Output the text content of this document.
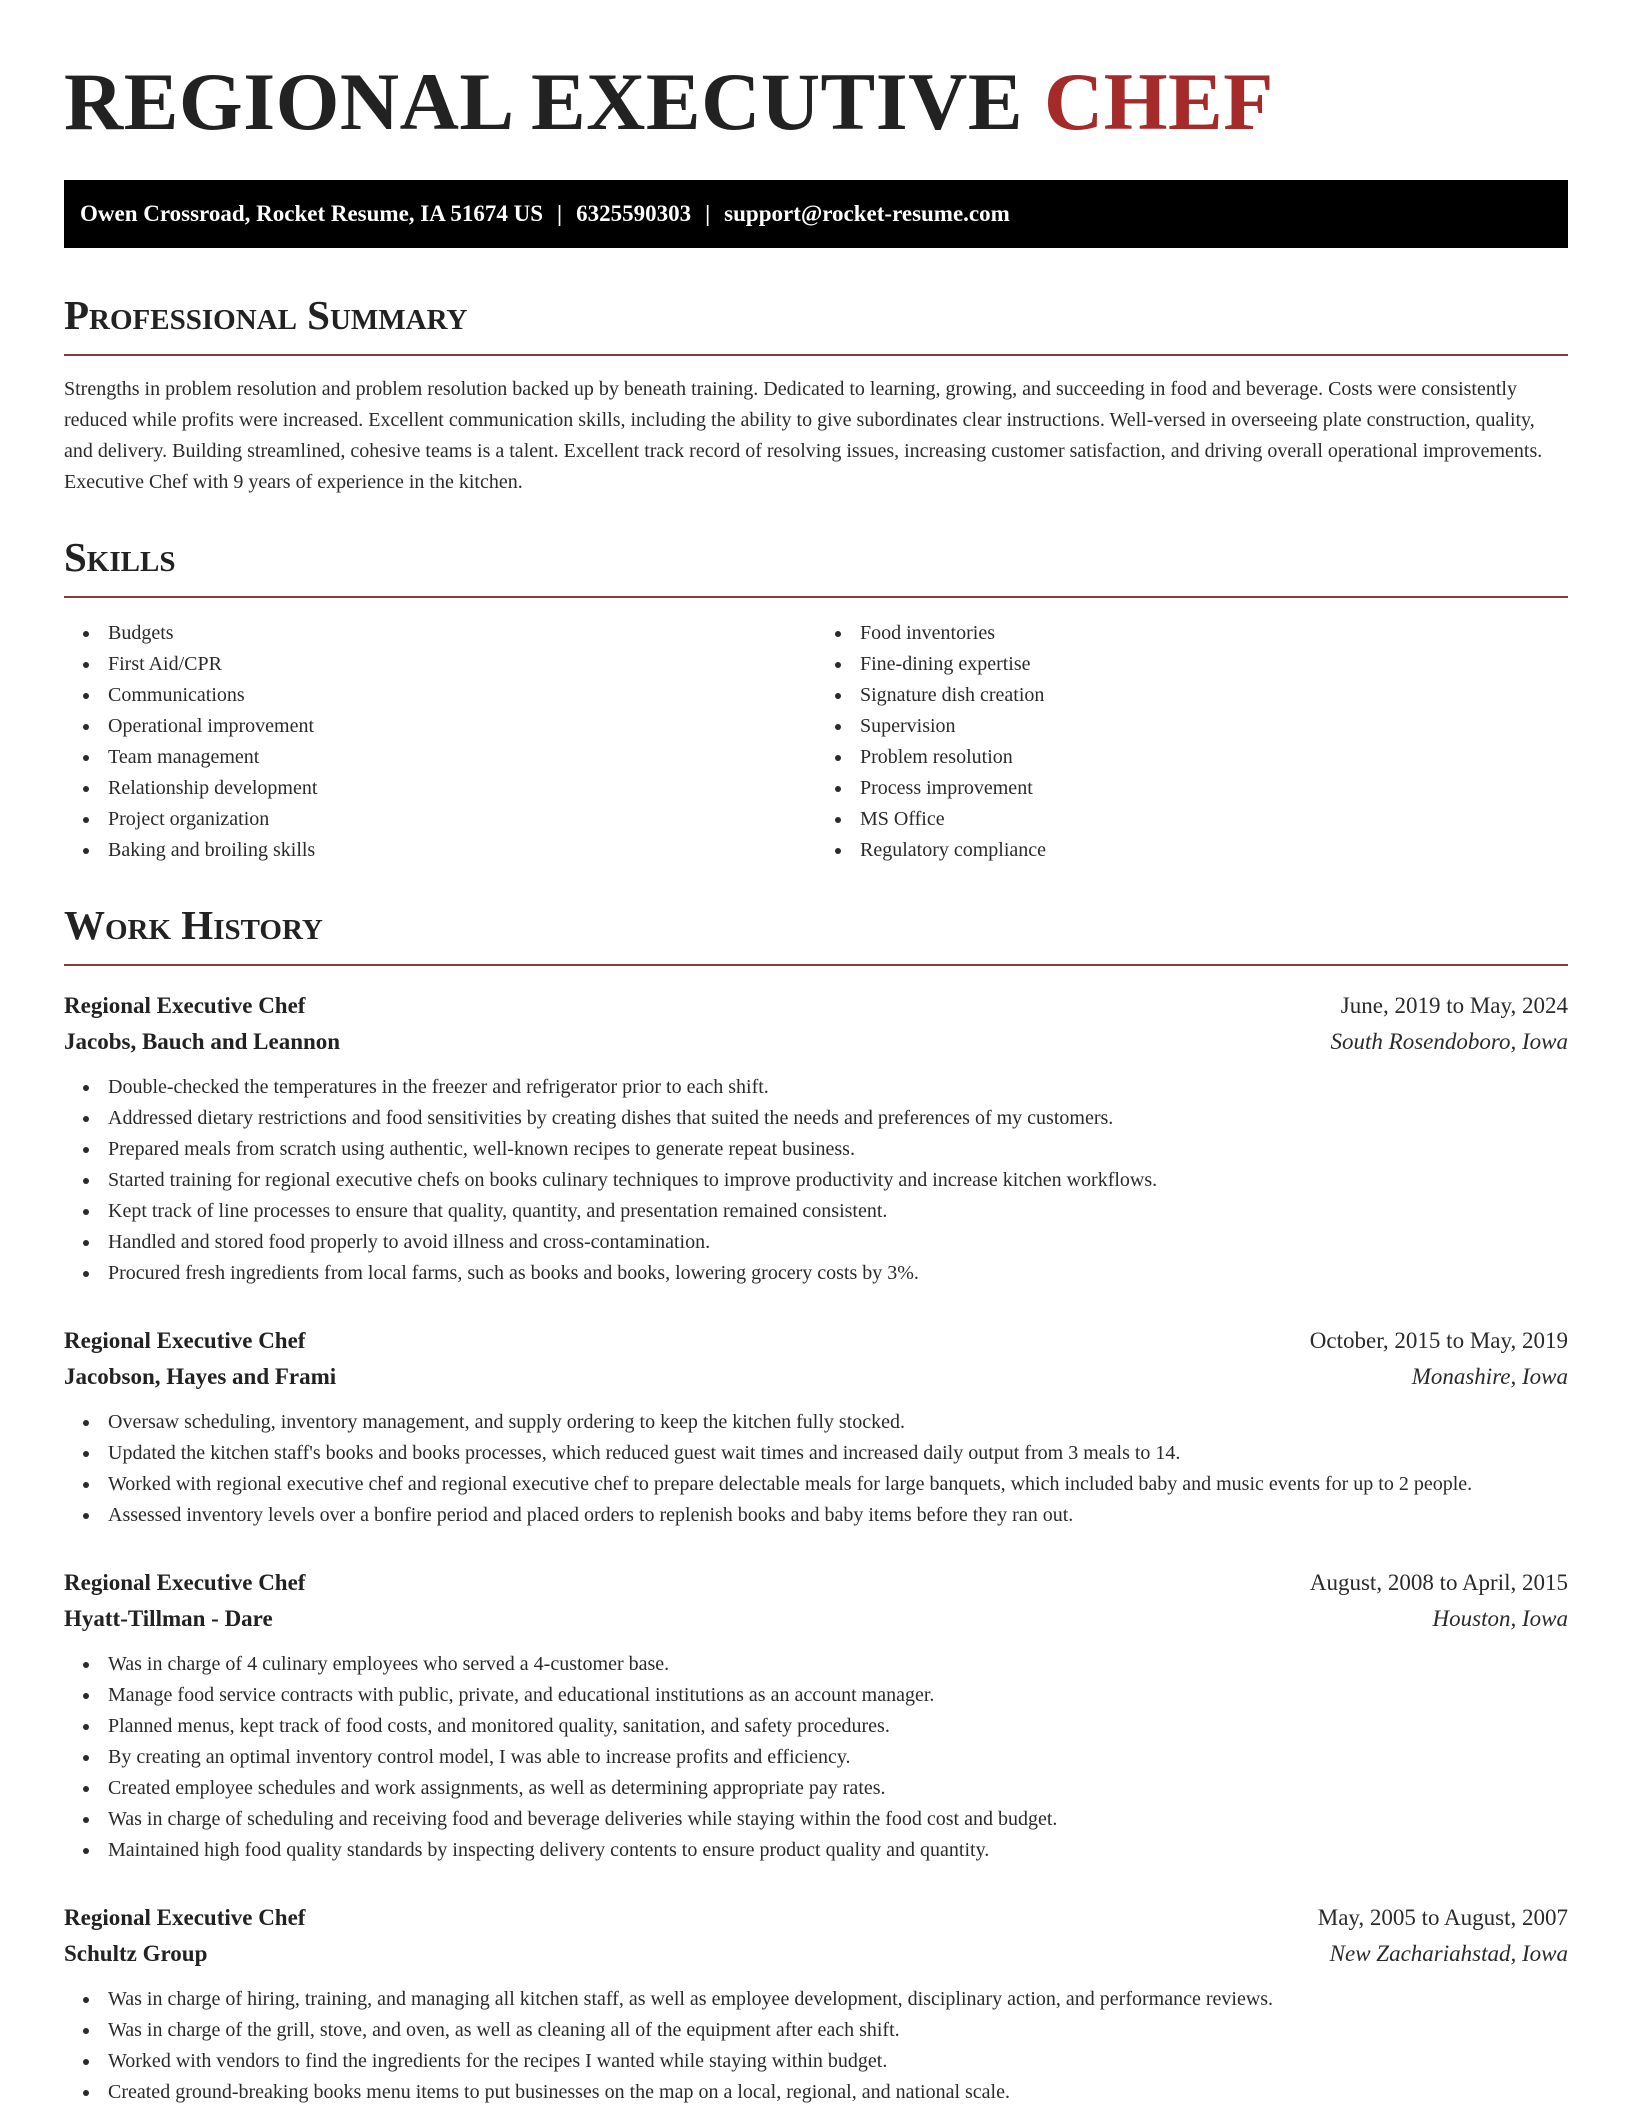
REGIONAL EXECUTIVE CHEF
Owen Crossroad, Rocket Resume, IA 51674 US | 6325590303 | support@rocket-resume.com
Professional Summary

Strengths in problem resolution and problem resolution backed up by beneath training. Dedicated to learning, growing, and succeeding in food and beverage. Costs were consistently reduced while profits were increased. Excellent communication skills, including the ability to give subordinates clear instructions. Well-versed in overseeing plate construction, quality, and delivery. Building streamlined, cohesive teams is a talent. Excellent track record of resolving issues, increasing customer satisfaction, and driving overall operational improvements. Executive Chef with 9 years of experience in the kitchen.

Skills
Budgets
First Aid/CPR
Communications
Operational improvement
Team management
Relationship development
Project organization
Baking and broiling skills
Food inventories
Fine-dining expertise
Signature dish creation
Supervision
Problem resolution
Process improvement
MS Office
Regulatory compliance
Work History
Regional Executive Chef	June, 2019 to May, 2024
Jacobs, Bauch and Leannon	South Rosendoboro, Iowa
Double-checked the temperatures in the freezer and refrigerator prior to each shift.
Addressed dietary restrictions and food sensitivities by creating dishes that suited the needs and preferences of my customers.
Prepared meals from scratch using authentic, well-known recipes to generate repeat business.
Started training for regional executive chefs on books culinary techniques to improve productivity and increase kitchen workflows.
Kept track of line processes to ensure that quality, quantity, and presentation remained consistent.
Handled and stored food properly to avoid illness and cross-contamination.
Procured fresh ingredients from local farms, such as books and books, lowering grocery costs by 3%.
Regional Executive Chef	October, 2015 to May, 2019
Jacobson, Hayes and Frami	Monashire, Iowa
Oversaw scheduling, inventory management, and supply ordering to keep the kitchen fully stocked.
Updated the kitchen staff's books and books processes, which reduced guest wait times and increased daily output from 3 meals to 14.
Worked with regional executive chef and regional executive chef to prepare delectable meals for large banquets, which included baby and music events for up to 2 people.
Assessed inventory levels over a bonfire period and placed orders to replenish books and baby items before they ran out.
Regional Executive Chef	August, 2008 to April, 2015
Hyatt-Tillman - Dare	Houston, Iowa
Was in charge of 4 culinary employees who served a 4-customer base.
Manage food service contracts with public, private, and educational institutions as an account manager.
Planned menus, kept track of food costs, and monitored quality, sanitation, and safety procedures.
By creating an optimal inventory control model, I was able to increase profits and efficiency.
Created employee schedules and work assignments, as well as determining appropriate pay rates.
Was in charge of scheduling and receiving food and beverage deliveries while staying within the food cost and budget.
Maintained high food quality standards by inspecting delivery contents to ensure product quality and quantity.
Regional Executive Chef	May, 2005 to August, 2007
Schultz Group	New Zachariahstad, Iowa
Was in charge of hiring, training, and managing all kitchen staff, as well as employee development, disciplinary action, and performance reviews.
Was in charge of the grill, stove, and oven, as well as cleaning all of the equipment after each shift.
Worked with vendors to find the ingredients for the recipes I wanted while staying within budget.
Created ground-breaking books menu items to put businesses on the map on a local, regional, and national scale.
